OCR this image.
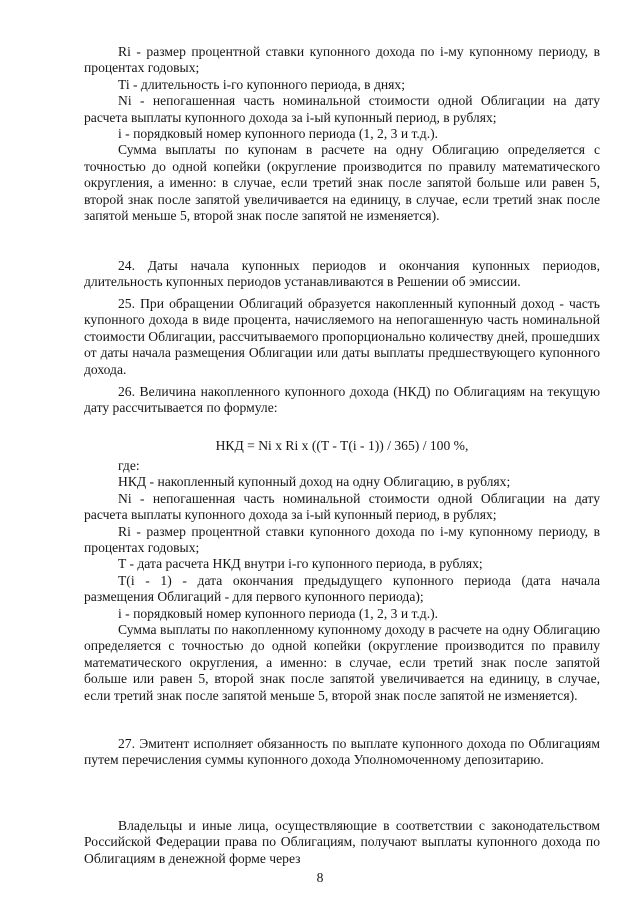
Ri - размер процентной ставки купонного дохода по i-му купонному периоду, в процентах годовых;

Ti - длительность i-го купонного периода, в днях;

Ni - непогашенная часть номинальной стоимости одной Облигации на дату расчета выплаты купонного дохода за i-ый купонный период, в рублях;

i - порядковый номер купонного периода (1, 2, 3 и т.д.).

Сумма выплаты по купонам в расчете на одну Облигацию определяется с точностью до одной копейки (округление производится по правилу математического округления, а именно: в случае, если третий знак после запятой больше или равен 5, второй знак после запятой увеличивается на единицу, в случае, если третий знак после запятой меньше 5, второй знак после запятой не изменяется).

24. Даты начала купонных периодов и окончания купонных периодов, длительность купонных периодов устанавливаются в Решении об эмиссии.

25. При обращении Облигаций образуется накопленный купонный доход - часть купонного дохода в виде процента, начисляемого на непогашенную часть номинальной стоимости Облигации, рассчитываемого пропорционально количеству дней, прошедших от даты начала размещения Облигации или даты выплаты предшествующего купонного дохода.

26. Величина накопленного купонного дохода (НКД) по Облигациям на текущую дату рассчитывается по формуле:

НКД = Ni x Ri x ((T - T(i - 1)) / 365) / 100 %,

где:

НКД - накопленный купонный доход на одну Облигацию, в рублях;

Ni - непогашенная часть номинальной стоимости одной Облигации на дату расчета выплаты купонного дохода за i-ый купонный период, в рублях;

Ri - размер процентной ставки купонного дохода по i-му купонному периоду, в процентах годовых;

T - дата расчета НКД внутри i-го купонного периода, в рублях;

T(i - 1) - дата окончания предыдущего купонного периода (дата начала размещения Облигаций - для первого купонного периода);

i - порядковый номер купонного периода (1, 2, 3 и т.д.).

Сумма выплаты по накопленному купонному доходу в расчете на одну Облигацию определяется с точностью до одной копейки (округление производится по правилу математического округления, а именно: в случае, если третий знак после запятой больше или равен 5, второй знак после запятой увеличивается на единицу, в случае, если третий знак после запятой меньше 5, второй знак после запятой не изменяется).

27. Эмитент исполняет обязанность по выплате купонного дохода по Облигациям путем перечисления суммы купонного дохода Уполномоченному депозитарию.

Владельцы и иные лица, осуществляющие в соответствии с законодательством Российской Федерации права по Облигациям, получают выплаты купонного дохода по Облигациям в денежной форме через

8
